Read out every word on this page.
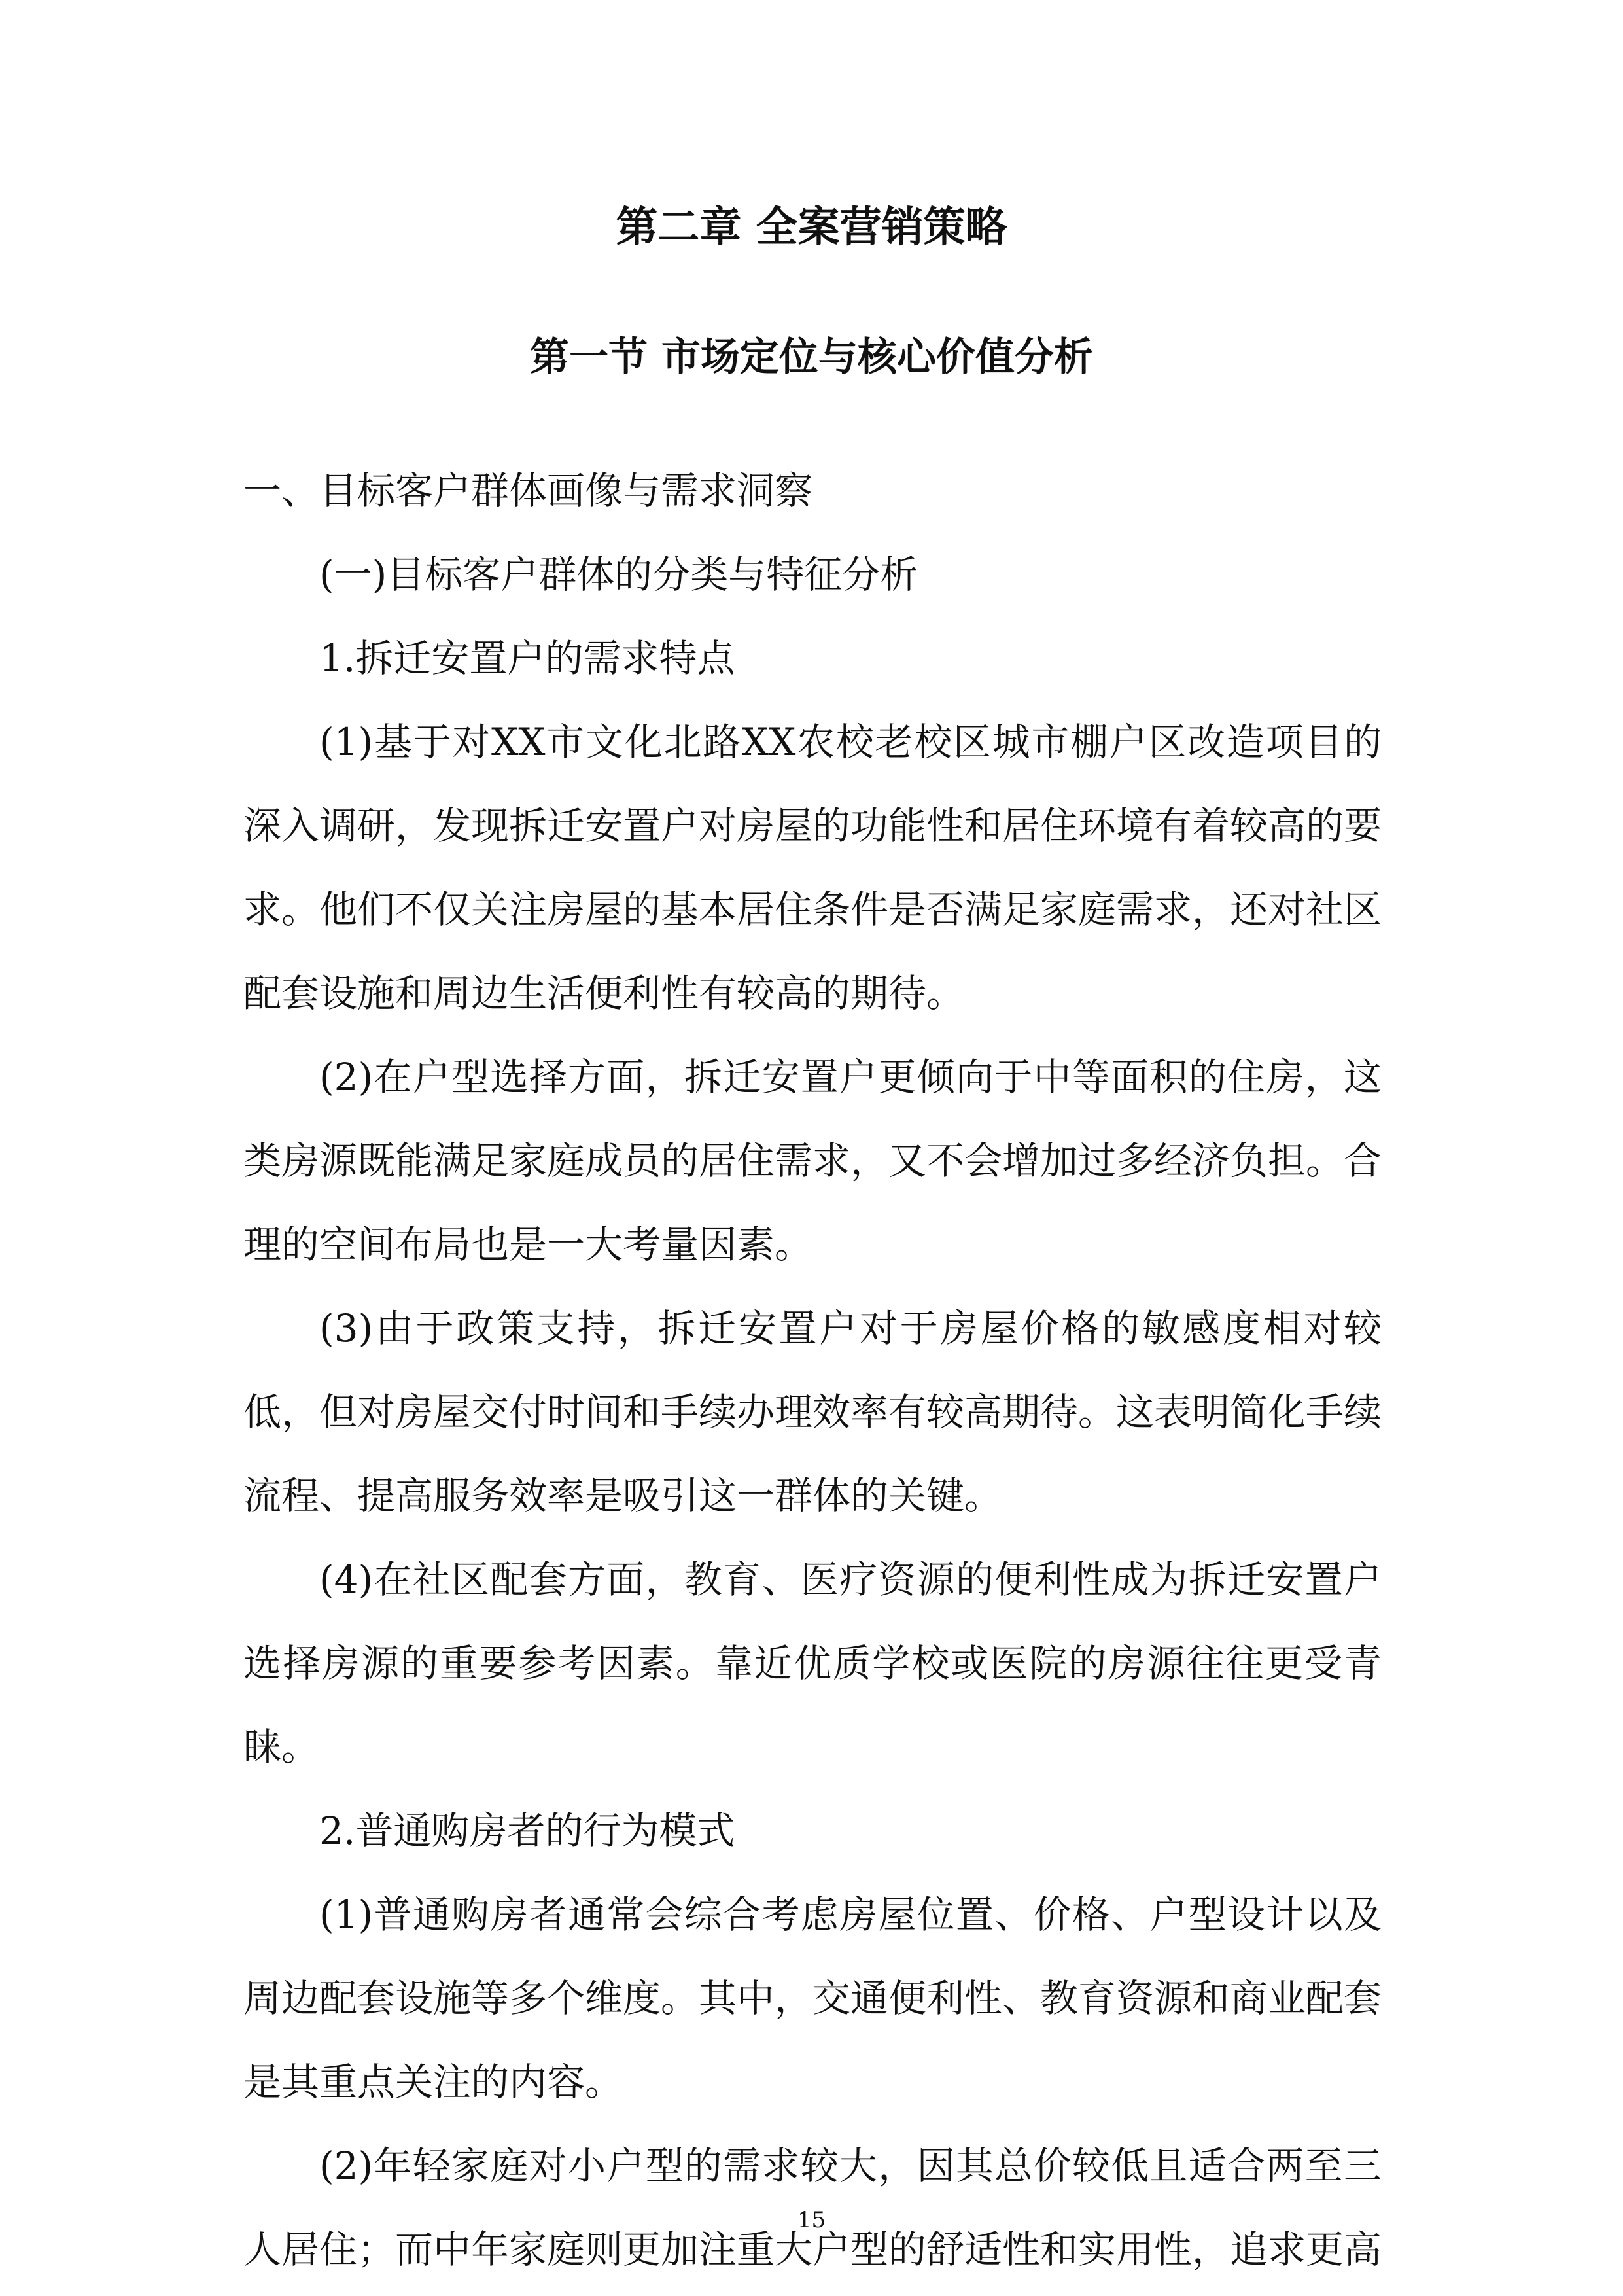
第二章 全案营销策略
第一节 市场定位与核心价值分析

一、目标客户群体画像与需求洞察

(一)目标客户群体的分类与特征分析

1.拆迁安置户的需求特点

(1)基于对XX市文化北路XX农校老校区城市棚户区改造项目的深入调研，发现拆迁安置户对房屋的功能性和居住环境有着较高的要求。他们不仅关注房屋的基本居住条件是否满足家庭需求，还对社区配套设施和周边生活便利性有较高的期待。

(2)在户型选择方面，拆迁安置户更倾向于中等面积的住房，这类房源既能满足家庭成员的居住需求，又不会增加过多经济负担。合理的空间布局也是一大考量因素。

(3)由于政策支持，拆迁安置户对于房屋价格的敏感度相对较低，但对房屋交付时间和手续办理效率有较高期待。这表明简化手续流程、提高服务效率是吸引这一群体的关键。

(4)在社区配套方面，教育、医疗资源的便利性成为拆迁安置户选择房源的重要参考因素。靠近优质学校或医院的房源往往更受青睐。

2.普通购房者的行为模式

(1)普通购房者通常会综合考虑房屋位置、价格、户型设计以及周边配套设施等多个维度。其中，交通便利性、教育资源和商业配套是其重点关注的内容。

(2)年轻家庭对小户型的需求较大，因其总价较低且适合两至三人居住；而中年家庭则更加注重大户型的舒适性和实用性，追求更高

15
